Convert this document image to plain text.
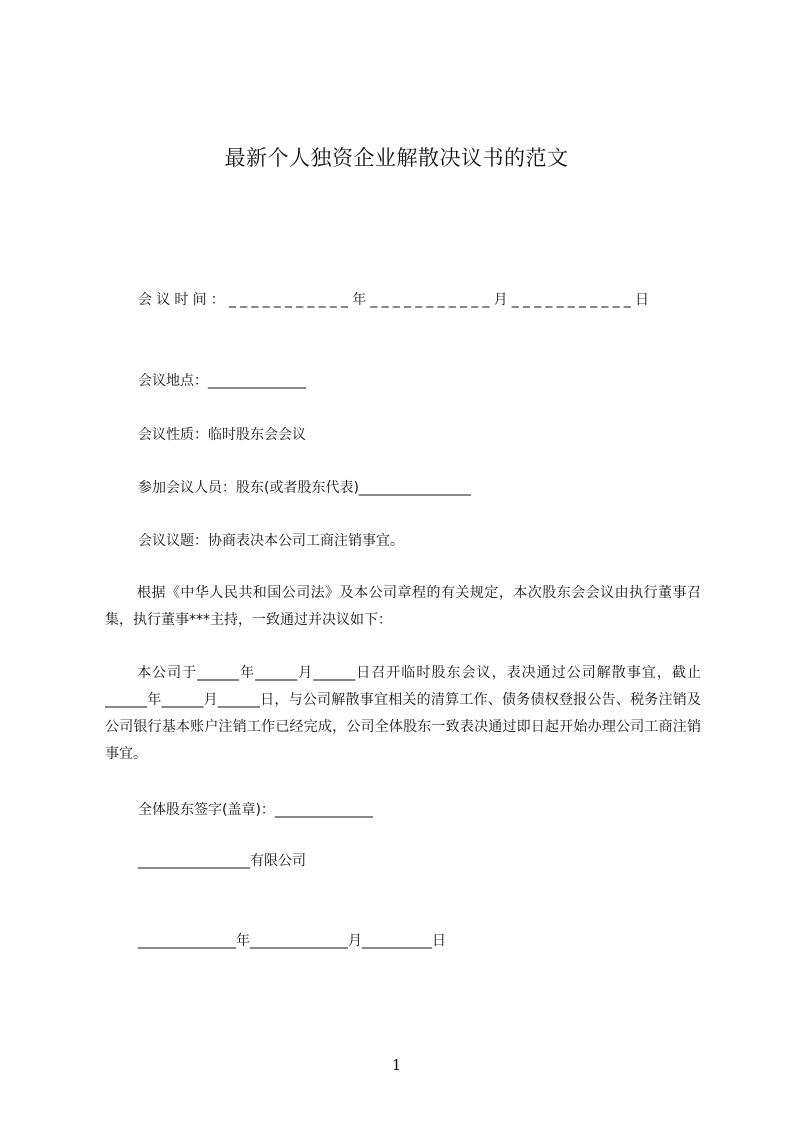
最新个人独资企业解散决议书的范文
会议时间：___________年___________月___________日
会议地点：______________
会议性质：临时股东会会议
参加会议人员：股东(或者股东代表)________________
会议议题：协商表决本公司工商注销事宜。
根据《中华人民共和国公司法》及本公司章程的有关规定，本次股东会会议由执行董事召集，执行董事***主持，一致通过并决议如下：
本公司于______年______月______日召开临时股东会议，表决通过公司解散事宜，截止______年______月______日，与公司解散事宜相关的清算工作、债务债权登报公告、税务注销及公司银行基本账户注销工作已经完成，公司全体股东一致表决通过即日起开始办理公司工商注销事宜。
全体股东签字(盖章)：______________
________________有限公司
______________年______________月__________日
1
